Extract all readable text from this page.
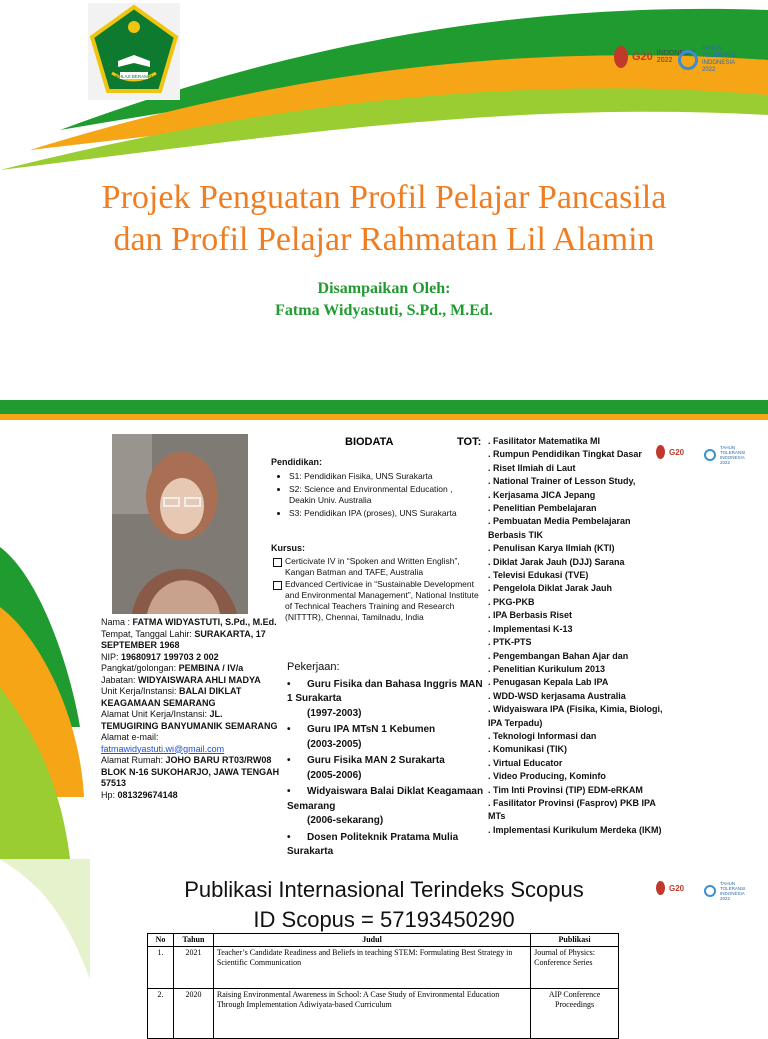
IKHLAS BERAMAL
G20 INDONESIA 2022
TAHUN
TOLERANSI
INDONESIA
2022
Projek Penguatan Profil Pelajar Pancasila
dan Profil Pelajar Rahmatan Lil Alamin
Disampaikan Oleh:
Fatma Widyastuti, S.Pd., M.Ed.
Nama : FATMA WIDYASTUTI, S.Pd., M.Ed.
Tempat, Tanggal Lahir: SURAKARTA, 17 SEPTEMBER 1968
NIP: 19680917 199703 2 002
Pangkat/golongan: PEMBINA / IV/a
Jabatan: WIDYAISWARA AHLI MADYA
Unit Kerja/Instansi: BALAI DIKLAT KEAGAMAAN SEMARANG
Alamat Unit Kerja/Instansi: JL. TEMUGIRING BANYUMANIK SEMARANG
Alamat e-mail:
fatmawidyastuti.wi@gmail.com
Alamat Rumah: JOHO BARU RT03/RW08 BLOK N-16 SUKOHARJO, JAWA TENGAH 57513
Hp: 081329674148
BIODATA	TOT:
Pendidikan:
• S1: Pendidikan Fisika, UNS Surakarta
• S2: Science and Environmental Education , Deakin Univ. Australia
• S3: Pendidikan IPA (proses), UNS Surakarta
Kursus:
Certicivate IV in “Spoken and Written English”, Kangan Batman and TAFE, Australia
Edvanced Certivicae in “Sustainable Development and Environmental Management”, National Institute of Technical Teachers Training and Research (NITTTR), Chennai, Tamilnadu, India
Pekerjaan:
• Guru Fisika dan Bahasa Inggris MAN 1 Surakarta
(1997-2003)
• Guru IPA MTsN 1 Kebumen
(2003-2005)
• Guru Fisika MAN 2 Surakarta
(2005-2006)
• Widyaiswara Balai Diklat Keagamaan Semarang
(2006-sekarang)
• Dosen Politeknik Pratama Mulia Surakarta

. Fasilitator Matematika MI
. Rumpun Pendidikan Tingkat Dasar
. Riset Ilmiah di Laut
. National Trainer of Lesson Study,
. Kerjasama JICA Jepang
. Penelitian Pembelajaran
. Pembuatan Media Pembelajaran Berbasis TIK
. Penulisan Karya Ilmiah (KTI)
. Diklat Jarak Jauh (DJJ) Sarana
. Televisi Edukasi (TVE)
. Pengelola Diklat Jarak Jauh
. PKG-PKB
. IPA Berbasis Riset
. Implementasi K-13
. PTK-PTS
. Pengembangan Bahan Ajar dan
. Penelitian Kurikulum 2013
. Penugasan Kepala Lab IPA
. WDD-WSD kerjasama Australia
. Widyaiswara IPA (Fisika, Kimia, Biologi, IPA Terpadu)
. Teknologi Informasi dan
. Komunikasi (TIK)
. Virtual Educator
. Video Producing, Kominfo
. Tim Inti Provinsi (TIP) EDM-eRKAM
. Fasilitator Provinsi (Fasprov) PKB IPA MTs
. Implementasi Kurikulum Merdeka (IKM)
G20	TAHUN
TOLERANSI
INDONESIA
2022
Publikasi Internasional Terindeks Scopus
ID Scopus = 57193450290
G20	TAHUN
TOLERANSI
INDONESIA
2022
No	Tahun	Judul	Publikasi
1.	2021	Teacher’s Candidate Readiness and Beliefs in teaching STEM: Formulating Best Strategy in Scientific Communication	Journal of Physics: Conference Series
2.	2020	Raising Environmental Awareness in School: A Case Study of Environmental Education Through Implementation Adiwiyata-based Curriculum	AIP Conference Proceedings
